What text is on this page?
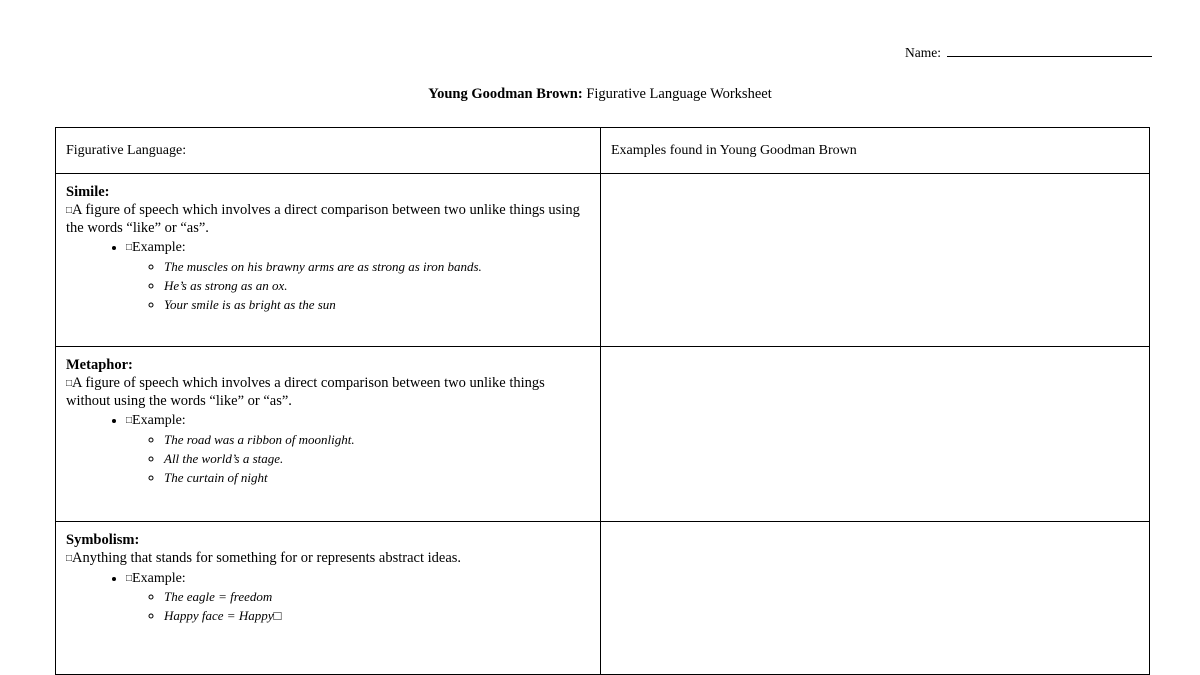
Name:
Young Goodman Brown: Figurative Language Worksheet
Figurative Language:	Examples found in Young Goodman Brown

Simile:
□A figure of speech which involves a direct comparison between two unlike things using the words “like” or “as”.
• □Example:
◦ The muscles on his brawny arms are as strong as iron bands.
◦ He’s as strong as an ox.
◦ Your smile is as bright as the sun

Metaphor:
□A figure of speech which involves a direct comparison between two unlike things without using the words “like” or “as”.
• □Example:
◦ The road was a ribbon of moonlight.
◦ All the world’s a stage.
◦ The curtain of night

Symbolism:
□Anything that stands for something for or represents abstract ideas.
• □Example:
◦ The eagle = freedom
◦ Happy face = Happy□
